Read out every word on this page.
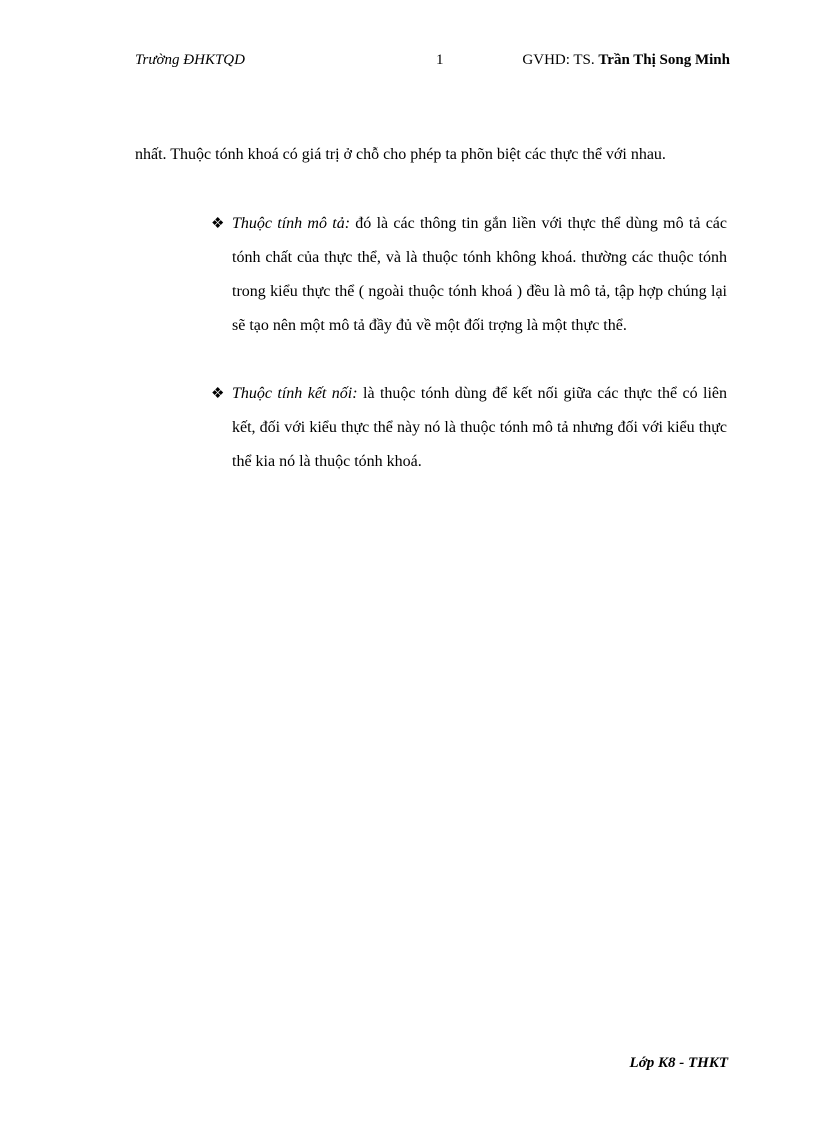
Trường ĐHKTQD	1	GVHD: TS. Trần Thị Song Minh
nhất. Thuộc tónh khoá có giá trị ở chỗ cho phép ta phõn biệt các thực thể với nhau.
❖ Thuộc tính mô tả: đó là các thông tin gắn liền với thực thể dùng mô tả các tónh chất của thực thể, và là thuộc tónh không khoá. thường các thuộc tónh trong kiểu thực thể ( ngoài thuộc tónh khoá ) đều là mô tả, tập hợp chúng lại sẽ tạo nên một mô tả đầy đủ về một đối trợng là một thực thể.
❖ Thuộc tính kết nối: là thuộc tónh dùng để kết nối giữa các thực thể có liên kết, đối với kiểu thực thể này nó là thuộc tónh mô tả nhưng đối với kiểu thực thể kia nó là thuộc tónh khoá.
Lớp K8 - THKT
